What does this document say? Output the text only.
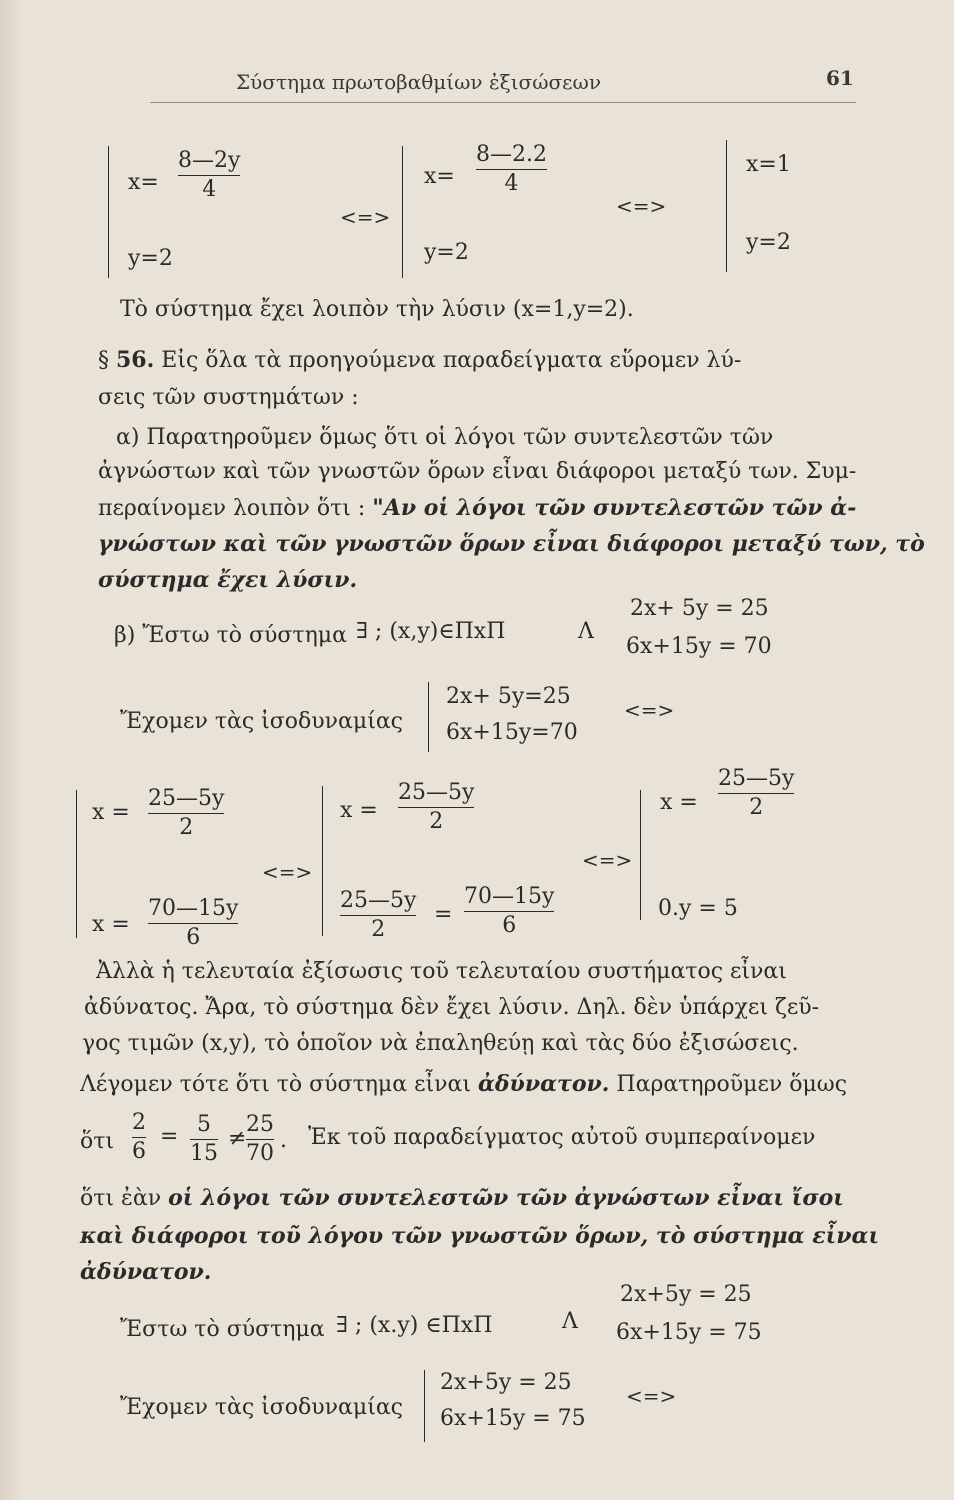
Σύστημα πρωτοβαθμίων ἐξισώσεων	61
x=
8—2y
4
y=2
<=>
x=
8—2.2
4
y=2
<=>
x=1
y=2
Τὸ σύστημα ἔχει λοιπὸν τὴν λύσιν (x=1,y=2).
§ 56. Εἰς ὅλα τὰ προηγούμενα παραδείγματα εὕρομεν λύ-
σεις τῶν συστημάτων :
α) Παρατηροῦμεν ὅμως ὅτι οἱ λόγοι τῶν συντελεστῶν τῶν
ἀγνώστων καὶ τῶν γνωστῶν ὅρων εἶναι διάφοροι μεταξύ των. Συμ-
περαίνομεν λοιπὸν ὅτι : "Αν οἱ λόγοι τῶν συντελεστῶν τῶν ἀ-
γνώστων καὶ τῶν γνωστῶν ὅρων εἶναι διάφοροι μεταξύ των, τὸ
σύστημα ἔχει λύσιν.
β) Ἔστω τὸ σύστημα ∃ ; (x,y)∈ΠxΠ	Λ
2x+ 5y = 25
6x+15y = 70
Ἔχομεν τὰς ἰσοδυναμίας
2x+ 5y=25
6x+15y=70
<=>
x =
25—5y
2
x =
70—15y
6
<=>
x =
25—5y
2
25—5y
2
=
70—15y
6
<=>
x =
25—5y
2
0.y = 5
Ἀλλὰ ἡ τελευταία ἐξίσωσις τοῦ τελευταίου συστήματος εἶναι
ἀδύνατος. Ἄρα, τὸ σύστημα δὲν ἔχει λύσιν. Δηλ. δὲν ὑπάρχει ζεῦ-
γος τιμῶν (x,y), τὸ ὁποῖον νὰ ἐπαληθεύῃ καὶ τὰς δύο ἐξισώσεις.
Λέγομεν τότε ὅτι τὸ σύστημα εἶναι ἀδύνατον. Παρατηροῦμεν ὅμως
ὅτι
2
6
= 5
15
≠
25
70
. Ἐκ τοῦ παραδείγματος αὐτοῦ συμπεραίνομεν
ὅτι ἐὰν οἱ λόγοι τῶν συντελεστῶν τῶν ἀγνώστων εἶναι ἴσοι
καὶ διάφοροι τοῦ λόγου τῶν γνωστῶν ὅρων, τὸ σύστημα εἶναι
ἀδύνατον.
Ἔστω τὸ σύστημα ∃ ; (x.y) ∈ΠxΠ	Λ
2x+5y = 25
6x+15y = 75
Ἔχομεν τὰς ἰσοδυναμίας
2x+5y = 25
6x+15y = 75
<=>
